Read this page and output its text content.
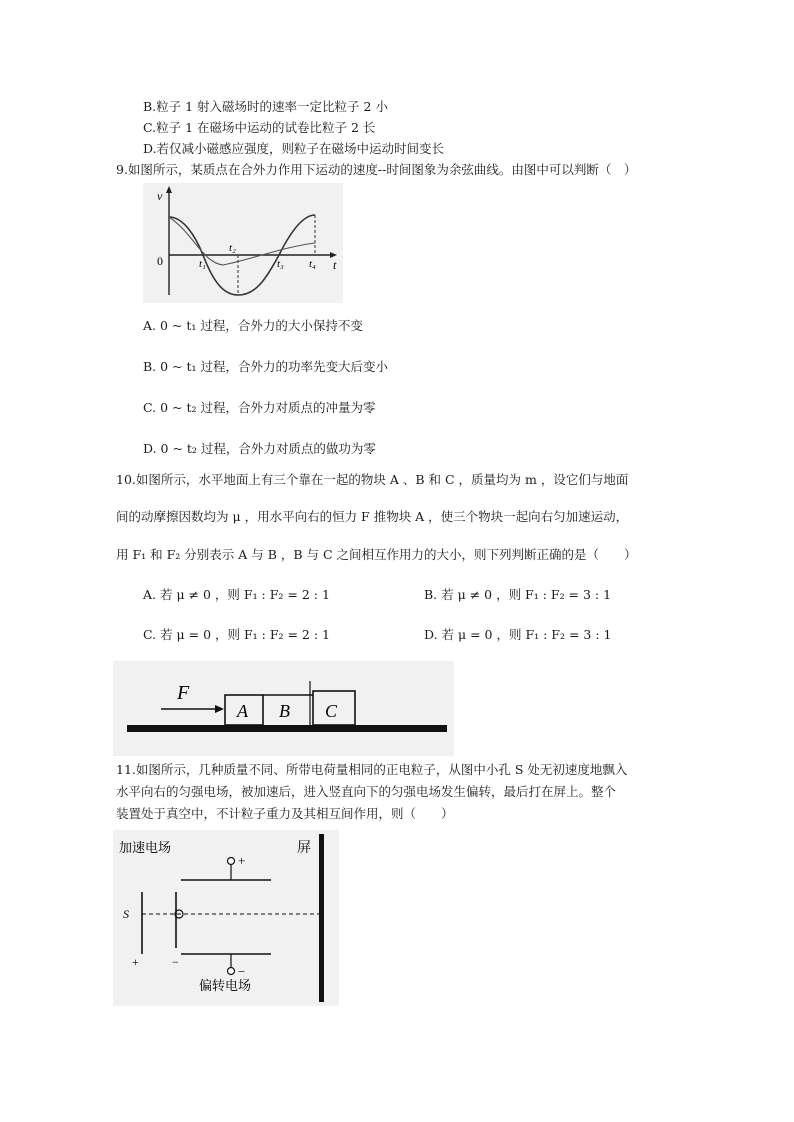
B.粒子 1 射入磁场时的速率一定比粒子 2 小
C.粒子 1 在磁场中运动的试卷比粒子 2 长
D.若仅减小磁感应强度，则粒子在磁场中运动时间变长
9.如图所示，某质点在合外力作用下运动的速度--时间图象为余弦曲线。由图中可以判断（　）
v
0	t
t₁
t₂
t₃ t₄
A. 0 ~ t₁ 过程，合外力的大小保持不变
B. 0 ~ t₁ 过程，合外力的功率先变大后变小
C. 0 ~ t₂ 过程，合外力对质点的冲量为零
D. 0 ~ t₂ 过程，合外力对质点的做功为零
10.如图所示，水平地面上有三个靠在一起的物块 A 、B 和 C ，质量均为 m ，设它们与地面
间的动摩擦因数均为 μ ，用水平向右的恒力 F 推物块 A ，使三个物块一起向右匀加速运动，
用 F₁ 和 F₂ 分别表示 A 与 B ，B 与 C 之间相互作用力的大小，则下列判断正确的是（　　）
A. 若 μ ≠ 0 ，则 F₁ : F₂ = 2 : 1	B. 若 μ ≠ 0 ，则 F₁ : F₂ = 3 : 1
C. 若 μ = 0 ，则 F₁ : F₂ = 2 : 1	D. 若 μ = 0 ，则 F₁ : F₂ = 3 : 1
F
A B C
11.如图所示，几种质量不同、所带电荷量相同的正电粒子，从图中小孔 S 处无初速度地飘入
水平向右的匀强电场，被加速后，进入竖直向下的匀强电场发生偏转，最后打在屏上。整个
装置处于真空中，不计粒子重力及其相互间作用，则（　　）
加速电场	屏
S
+
−
+	−
偏转电场
